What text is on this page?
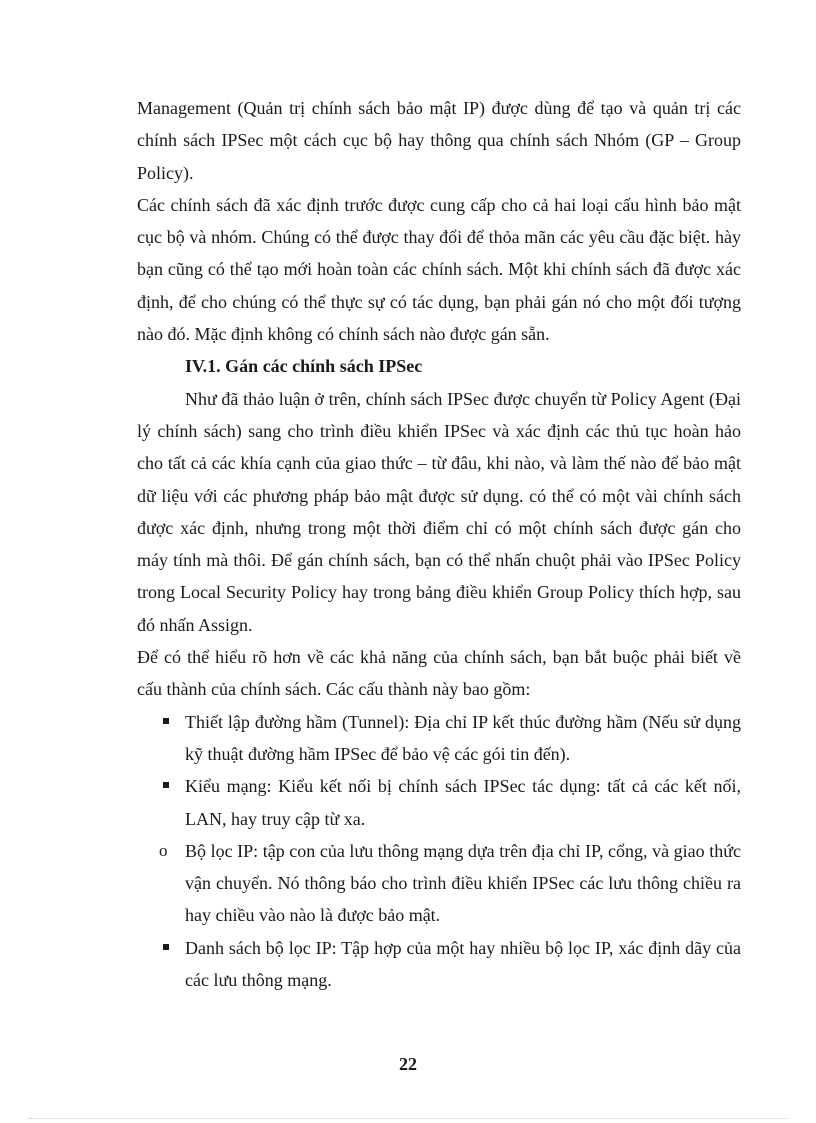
Management (Quản trị chính sách bảo mật IP) được dùng để tạo và quản trị các chính sách IPSec một cách cục bộ hay thông qua chính sách Nhóm (GP – Group Policy).

Các chính sách đã xác định trước được cung cấp cho cả hai loại cấu hình bảo mật cục bộ và nhóm. Chúng có thể được thay đổi để thỏa mãn các yêu cầu đặc biệt. hày bạn cũng có thể tạo mới hoàn toàn các chính sách. Một khi chính sách đã được xác định, để cho chúng có thể thực sự có tác dụng, bạn phải gán nó cho một đối tượng nào đó. Mặc định không có chính sách nào được gán sẵn.

IV.1. Gán các chính sách IPSec

Như đã thảo luận ở trên, chính sách IPSec được chuyển từ Policy Agent (Đại lý chính sách) sang cho trình điều khiển IPSec và xác định các thủ tục hoàn hảo cho tất cả các khía cạnh của giao thức – từ đâu, khi nào, và làm thế nào để bảo mật dữ liệu với các phương pháp bảo mật được sử dụng. có thể có một vài chính sách được xác định, nhưng trong một thời điểm chỉ có một chính sách được gán cho máy tính mà thôi. Để gán chính sách, bạn có thể nhấn chuột phải vào IPSec Policy trong Local Security Policy hay trong bảng điều khiển Group Policy thích hợp, sau đó nhấn Assign.

Để có thể hiểu rõ hơn về các khả năng của chính sách, bạn bắt buộc phải biết về cấu thành của chính sách. Các cấu thành này bao gồm:

Thiết lập đường hầm (Tunnel): Địa chỉ IP kết thúc đường hầm (Nếu sử dụng kỹ thuật đường hầm IPSec để bảo vệ các gói tin đến).
Kiểu mạng: Kiểu kết nối bị chính sách IPSec tác dụng: tất cả các kết nối, LAN, hay truy cập từ xa.
o Bộ lọc IP: tập con của lưu thông mạng dựa trên địa chỉ IP, cổng, và giao thức vận chuyển. Nó thông báo cho trình điều khiển IPSec các lưu thông chiều ra hay chiều vào nào là được bảo mật.
Danh sách bộ lọc IP: Tập hợp của một hay nhiều bộ lọc IP, xác định dãy của các lưu thông mạng.
22
